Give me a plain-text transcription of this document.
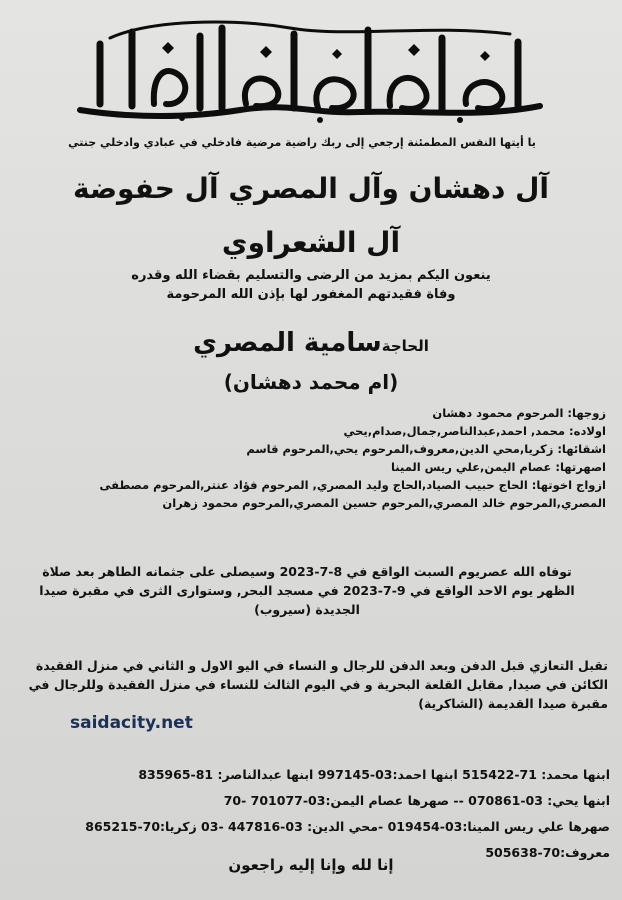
يا أيتها النفس المطمئنة إرجعي إلى ربك راضية مرضية فادخلي في عبادي وادخلي جنتي
آل دهشان وآل المصري آل حفوضة
آل الشعراوي
ينعون اليكم بمزيد من الرضى والتسليم بقضاء الله وقدره
وفاة فقيدتهم المغفور لها بإذن الله المرحومة
الحاجةسامية المصري
(ام محمد دهشان)
زوجها: المرحوم محمود دهشان
اولاده: محمد, احمد,عبدالناصر,جمال,صدام,يحي
اشقائها: زكريا,محي الدين,معروف,المرحوم يحي,المرحوم قاسم
اصهرتها: عصام اليمن,علي ريس المينا
ازواج اخوتها: الحاج حبيب الصياد,الحاج وليد المصري, المرحوم فؤاد عنتر,المرحوم مصطفى
المصري,المرحوم خالد المصري,المرحوم حسين المصري,المرحوم محمود زهران
توفاه الله عصريوم السبت الواقع في 8-7-2023 وسيصلى على جثمانه الطاهر بعد صلاة
الظهر يوم الاحد الواقع في 9-7-2023 في مسجد البحر, وستوارى الثرى في مقبرة صيدا
الجديدة (سيروب)
تقبل التعازي قبل الدفن وبعد الدفن للرجال و النساء في اليو الاول و الثاني في منزل الفقيدة
الكائن في صيدا, مقابل القلعة البحرية و في اليوم الثالث للنساء في منزل الفقيدة وللرجال في
مقبرة صيدا القديمة (الشاكرية)
saidacity.net
ابنها محمد: 71-515422 ابنها احمد:03-997145 ابنها عبدالناصر: 81-835965
ابنها يحي: 03-070861 -- صهرها عصام اليمن:03-701077 -70
صهرها علي ريس المينا:03-019454 -محي الدين: 03-447816 -03 زكريا:70-865215
معروف:70-505638
إنا لله وإنا إليه راجعون
